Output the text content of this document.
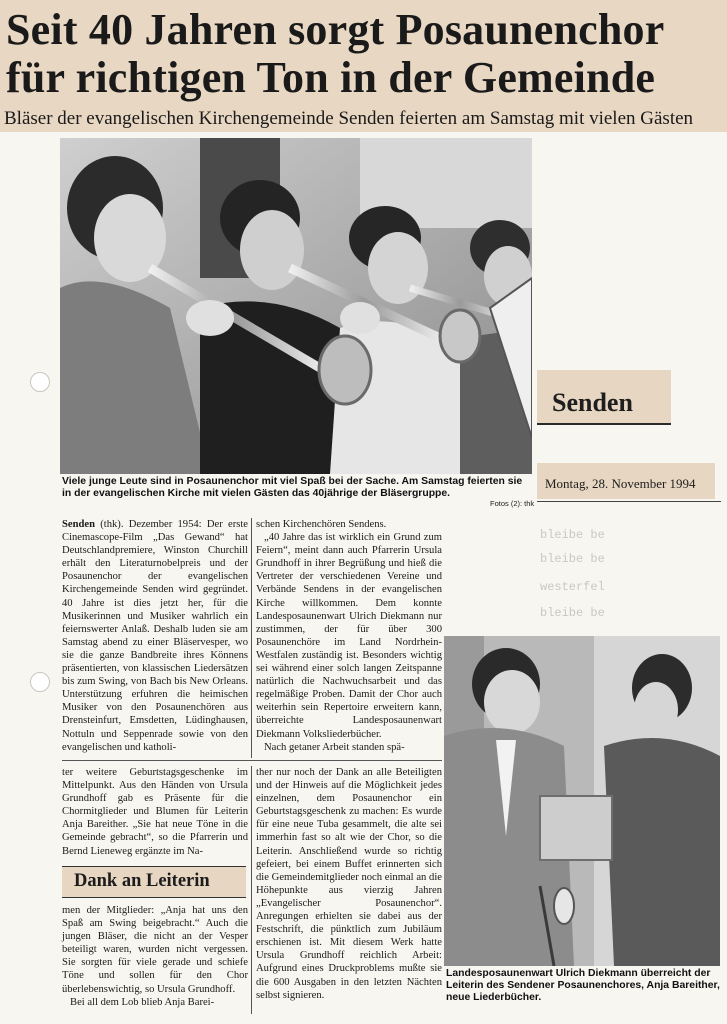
Seit 40 Jahren sorgt Posaunenchor
für richtigen Ton in der Gemeinde
Bläser der evangelischen Kirchengemeinde Senden feierten am Samstag mit vielen Gästen
Viele junge Leute sind in Posaunenchor mit viel Spaß bei der Sache. Am Samstag feierten sie in der evangelischen Kirche mit vielen Gästen das 40jährige der Bläsergruppe.
Fotos (2): thk
Senden
Montag, 28. November 1994
bleibe be
bleibe be
westerfel
bleibe be

Senden (thk). Dezember 1954: Der erste Cinemascope-Film „Das Gewand“ hat Deutschlandpremiere, Winston Churchill erhält den Literaturnobelpreis und der Posaunenchor der evangelischen Kirchengemeinde Senden wird gegründet. 40 Jahre ist dies jetzt her, für die Musikerinnen und Musiker wahrlich ein feiernswerter Anlaß. Deshalb luden sie am Samstag abend zu einer Bläservesper, wo sie die ganze Bandbreite ihres Könnens präsentierten, von klassischen Liedersätzen bis zum Swing, von Bach bis New Orleans. Unterstützung erfuhren die heimischen Musiker von den Posaunenchören aus Drensteinfurt, Emsdetten, Lüdinghausen, Nottuln und Seppenrade sowie von den evangelischen und katholi-

schen Kirchenchören Sendens.

„40 Jahre das ist wirklich ein Grund zum Feiern“, meint dann auch Pfarrerin Ursula Grundhoff in ihrer Begrüßung und hieß die Vertreter der verschiedenen Vereine und Verbände Sendens in der evangelischen Kirche willkommen. Dem konnte Landesposaunenwart Ulrich Diekmann nur zustimmen, der für über 300 Posaunenchöre im Land Nordrhein-Westfalen zuständig ist. Besonders wichtig sei während einer solch langen Zeitspanne natürlich die Nachwuchsarbeit und das regelmäßige Proben. Damit der Chor auch weiterhin sein Repertoire erweitern kann, überreichte Landesposaunenwart Diekmann Volksliederbücher.

Nach getaner Arbeit standen spä-

ter weitere Geburtstagsgeschenke im Mittelpunkt. Aus den Händen von Ursula Grundhoff gab es Präsente für die Chormitglieder und Blumen für Leiterin Anja Bareither. „Sie hat neue Töne in die Gemeinde gebracht“, so die Pfarrerin und Bernd Lieneweg ergänzte im Na-

Dank an Leiterin

men der Mitglieder: „Anja hat uns den Spaß am Swing beigebracht.“ Auch die jungen Bläser, die nicht an der Vesper beteiligt waren, wurden nicht vergessen. Sie sorgten für viele gerade und schiefe Töne und sollen für den Chor überlebenswichtig, so Ursula Grundhoff.

Bei all dem Lob blieb Anja Barei-

ther nur noch der Dank an alle Beteiligten und der Hinweis auf die Möglichkeit jedes einzelnen, dem Posaunenchor ein Geburtstagsgeschenk zu machen: Es wurde für eine neue Tuba gesammelt, die alte sei immerhin fast so alt wie der Chor, so die Leiterin. Anschließend wurde so richtig gefeiert, bei einem Buffet erinnerten sich die Gemeindemitglieder noch einmal an die Höhepunkte aus vierzig Jahren „Evangelischer Posaunenchor“. Anregungen erhielten sie dabei aus der Festschrift, die pünktlich zum Jubiläum erschienen ist. Mit diesem Werk hatte Ursula Grundhoff reichlich Arbeit: Aufgrund eines Druckproblems mußte sie die 600 Ausgaben in den letzten Nächten selbst signieren.

Landesposaunenwart Ulrich Diekmann überreicht der Leiterin des Sendener Posaunenchores, Anja Bareither, neue Liederbücher.
